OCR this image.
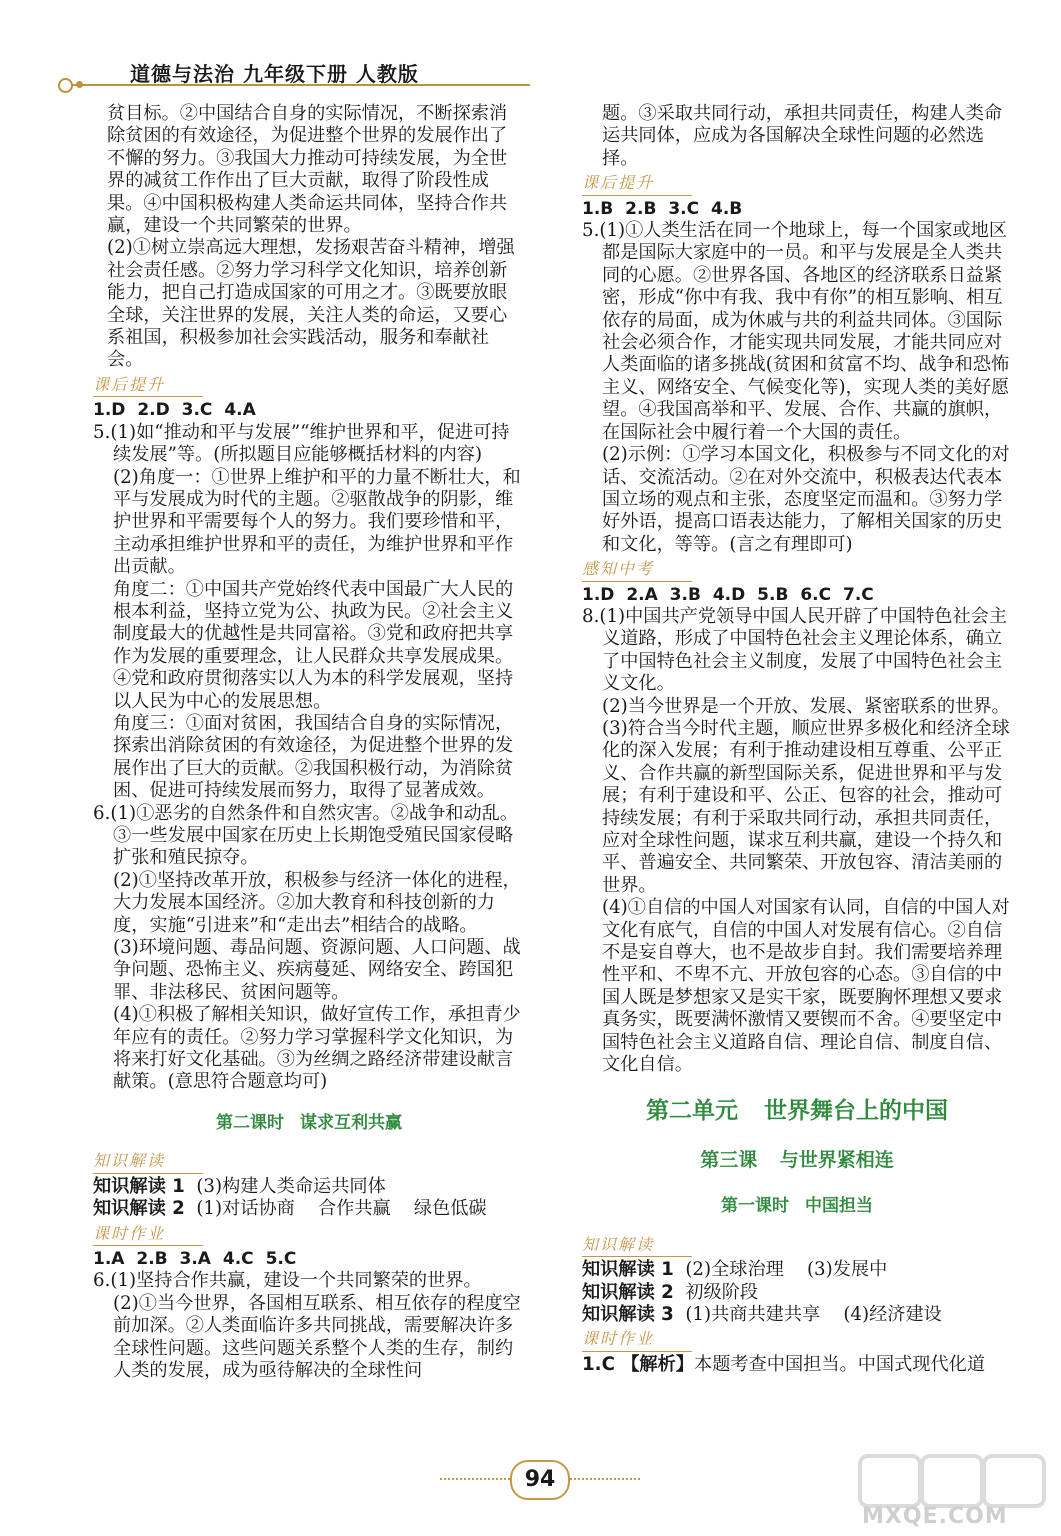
道德与法治 九年级下册 人教版

贫目标。②中国结合自身的实际情况，不断探索消除贫困的有效途径，为促进整个世界的发展作出了不懈的努力。③我国大力推动可持续发展，为全世界的减贫工作作出了巨大贡献，取得了阶段性成果。④中国积极构建人类命运共同体，坚持合作共赢，建设一个共同繁荣的世界。

(2)①树立崇高远大理想，发扬艰苦奋斗精神，增强社会责任感。②努力学习科学文化知识，培养创新能力，把自己打造成国家的可用之才。③既要放眼全球，关注世界的发展，关注人类的命运，又要心系祖国，积极参加社会实践活动，服务和奉献社会。

课后提升

1.D 2.D 3.C 4.A

5.(1)如“推动和平与发展”“维护世界和平，促进可持续发展”等。(所拟题目应能够概括材料的内容)

(2)角度一：①世界上维护和平的力量不断壮大，和平与发展成为时代的主题。②驱散战争的阴影，维护世界和平需要每个人的努力。我们要珍惜和平，主动承担维护世界和平的责任，为维护世界和平作出贡献。

角度二：①中国共产党始终代表中国最广大人民的根本利益，坚持立党为公、执政为民。②社会主义制度最大的优越性是共同富裕。③党和政府把共享作为发展的重要理念，让人民群众共享发展成果。④党和政府贯彻落实以人为本的科学发展观，坚持以人民为中心的发展思想。

角度三：①面对贫困，我国结合自身的实际情况，探索出消除贫困的有效途径，为促进整个世界的发展作出了巨大的贡献。②我国积极行动，为消除贫困、促进可持续发展而努力，取得了显著成效。

6.(1)①恶劣的自然条件和自然灾害。②战争和动乱。③一些发展中国家在历史上长期饱受殖民国家侵略扩张和殖民掠夺。

(2)①坚持改革开放，积极参与经济一体化的进程，大力发展本国经济。②加大教育和科技创新的力度，实施“引进来”和“走出去”相结合的战略。

(3)环境问题、毒品问题、资源问题、人口问题、战争问题、恐怖主义、疾病蔓延、网络安全、跨国犯罪、非法移民、贫困问题等。

(4)①积极了解相关知识，做好宣传工作，承担青少年应有的责任。②努力学习掌握科学文化知识，为将来打好文化基础。③为丝绸之路经济带建设献言献策。(意思符合题意均可)

第二课时 谋求互利共赢
知识解读

知识解读 1  (3)构建人类命运共同体

知识解读 2  (1)对话协商    合作共赢    绿色低碳

课时作业

1.A 2.B 3.A 4.C 5.C

6.(1)坚持合作共赢，建设一个共同繁荣的世界。

(2)①当今世界，各国相互联系、相互依存的程度空前加深。②人类面临许多共同挑战，需要解决许多全球性问题。这些问题关系整个人类的生存，制约人类的发展，成为亟待解决的全球性问

题。③采取共同行动，承担共同责任，构建人类命运共同体，应成为各国解决全球性问题的必然选择。

课后提升

1.B 2.B 3.C 4.B

5.(1)①人类生活在同一个地球上，每一个国家或地区都是国际大家庭中的一员。和平与发展是全人类共同的心愿。②世界各国、各地区的经济联系日益紧密，形成“你中有我、我中有你”的相互影响、相互依存的局面，成为休戚与共的利益共同体。③国际社会必须合作，才能实现共同发展，才能共同应对人类面临的诸多挑战(贫困和贫富不均、战争和恐怖主义、网络安全、气候变化等)，实现人类的美好愿望。④我国高举和平、发展、合作、共赢的旗帜，在国际社会中履行着一个大国的责任。

(2)示例：①学习本国文化，积极参与不同文化的对话、交流活动。②在对外交流中，积极表达代表本国立场的观点和主张，态度坚定而温和。③努力学好外语，提高口语表达能力，了解相关国家的历史和文化，等等。(言之有理即可)

感知中考

1.D 2.A 3.B 4.D 5.B 6.C 7.C

8.(1)中国共产党领导中国人民开辟了中国特色社会主义道路，形成了中国特色社会主义理论体系，确立了中国特色社会主义制度，发展了中国特色社会主义文化。

(2)当今世界是一个开放、发展、紧密联系的世界。

(3)符合当今时代主题，顺应世界多极化和经济全球化的深入发展；有利于推动建设相互尊重、公平正义、合作共赢的新型国际关系，促进世界和平与发展；有利于建设和平、公正、包容的社会，推动可持续发展；有利于采取共同行动，承担共同责任，应对全球性问题，谋求互利共赢，建设一个持久和平、普遍安全、共同繁荣、开放包容、清洁美丽的世界。

(4)①自信的中国人对国家有认同，自信的中国人对文化有底气，自信的中国人对发展有信心。②自信不是妄自尊大，也不是故步自封。我们需要培养理性平和、不卑不亢、开放包容的心态。③自信的中国人既是梦想家又是实干家，既要胸怀理想又要求真务实，既要满怀激情又要锲而不舍。④要坚定中国特色社会主义道路自信、理论自信、制度自信、文化自信。

第二单元 世界舞台上的中国
第三课 与世界紧相连
第一课时 中国担当
知识解读

知识解读 1  (2)全球治理    (3)发展中

知识解读 2  初级阶段

知识解读 3  (1)共商共建共享    (4)经济建设

课时作业

1.C 【解析】本题考查中国担当。中国式现代化道

94
MXQE.COM
